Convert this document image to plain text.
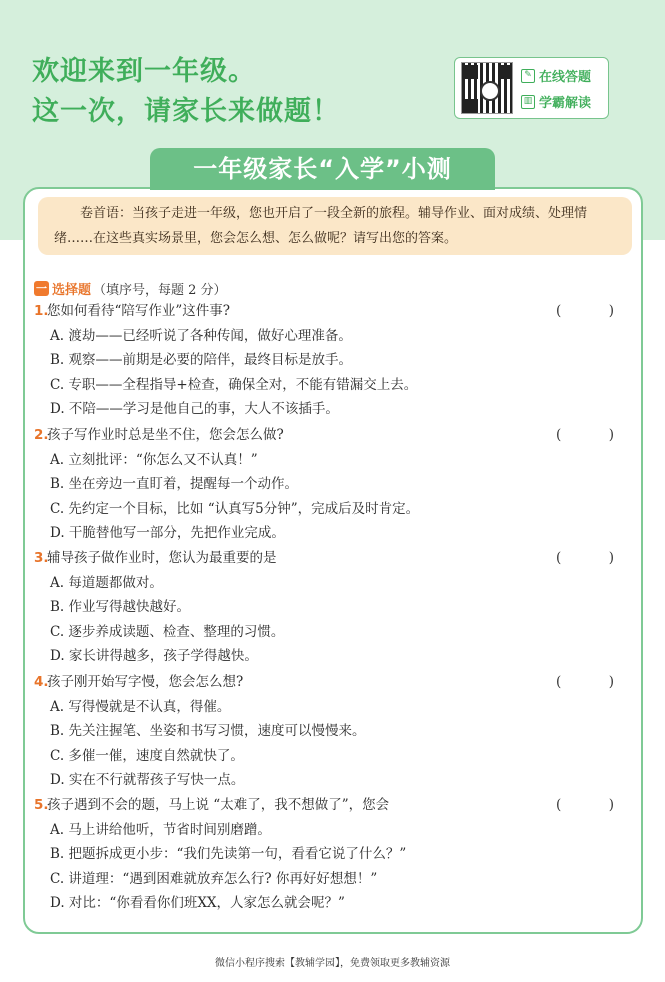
欢迎来到一年级。
这一次，请家长来做题！
✎ 在线答题
▥ 学霸解读
一年级家长“入学”小测
卷首语：当孩子走进一年级，您也开启了一段全新的旅程。辅导作业、面对成绩、处理情绪……在这些真实场景里，您会怎么想、怎么做呢？请写出您的答案。
一 选择题 （填序号，每题 2 分）
1.
您如何看待“陪写作业”这件事?	(	)
A. 渡劫——已经听说了各种传闻，做好心理准备。
B. 观察——前期是必要的陪伴，最终目标是放手。
C. 专职——全程指导+检查，确保全对，不能有错漏交上去。
D. 不陪——学习是他自己的事，大人不该插手。
2.
孩子写作业时总是坐不住，您会怎么做?	(	)
A. 立刻批评：“你怎么又不认真！”
B. 坐在旁边一直盯着，提醒每一个动作。
C. 先约定一个目标，比如 “认真写5分钟”，完成后及时肯定。
D. 干脆替他写一部分，先把作业完成。
3.
辅导孩子做作业时，您认为最重要的是	(	)
A. 每道题都做对。
B. 作业写得越快越好。
C. 逐步养成读题、检查、整理的习惯。
D. 家长讲得越多，孩子学得越快。
4.
孩子刚开始写字慢，您会怎么想?	(	)
A. 写得慢就是不认真，得催。
B. 先关注握笔、坐姿和书写习惯，速度可以慢慢来。
C. 多催一催，速度自然就快了。
D. 实在不行就帮孩子写快一点。
5.
孩子遇到不会的题，马上说 “太难了，我不想做了”，您会	(	)
A. 马上讲给他听，节省时间别磨蹭。
B. 把题拆成更小步：“我们先读第一句，看看它说了什么？”
C. 讲道理：“遇到困难就放弃怎么行? 你再好好想想！”
D. 对比：“你看看你们班XX，人家怎么就会呢？”
微信小程序搜索【教辅学园】，免费领取更多教辅资源
